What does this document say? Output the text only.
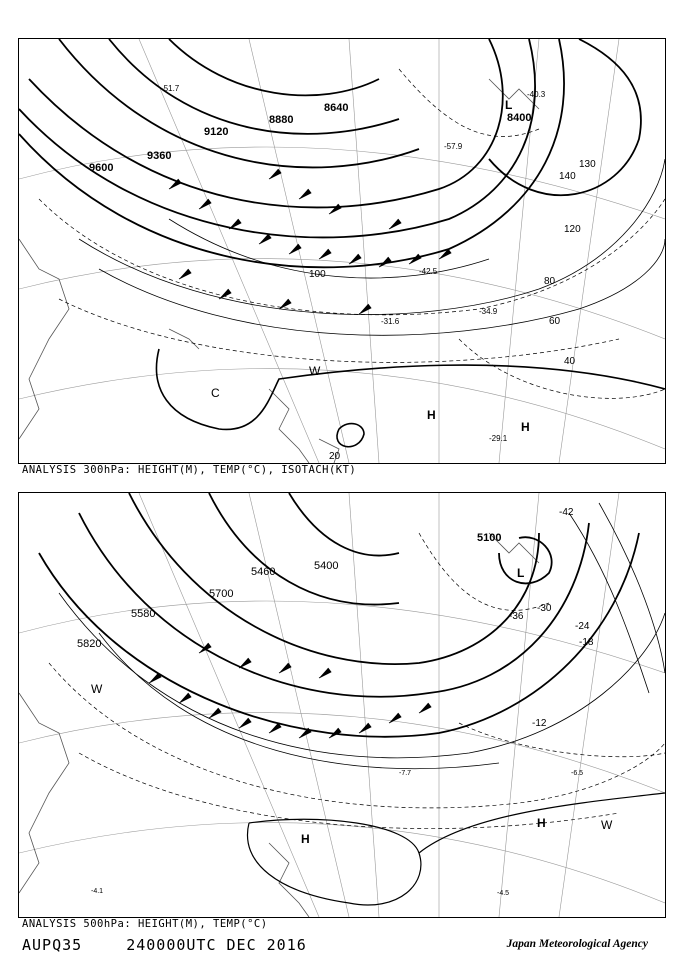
8400
8640
8880
9120
9360
9600
20
40
60
80
100
120
130
140
-31.6
-42.5
-34.9
-51.7
-57.9
-29.1
-40.3
L
C
H
H
W
ANALYSIS 300hPa: HEIGHT(M), TEMP(°C), ISOTACH(KT)
5100
5400
5460
5580
5700
5820
-42
-36
-30
-24
-18
-12
-6.5
-4.5
-4.1
-7.7
L
H
H
W
W
ANALYSIS 500hPa: HEIGHT(M), TEMP(°C)
AUPQ35	240000UTC DEC 2016	Japan Meteorological Agency
